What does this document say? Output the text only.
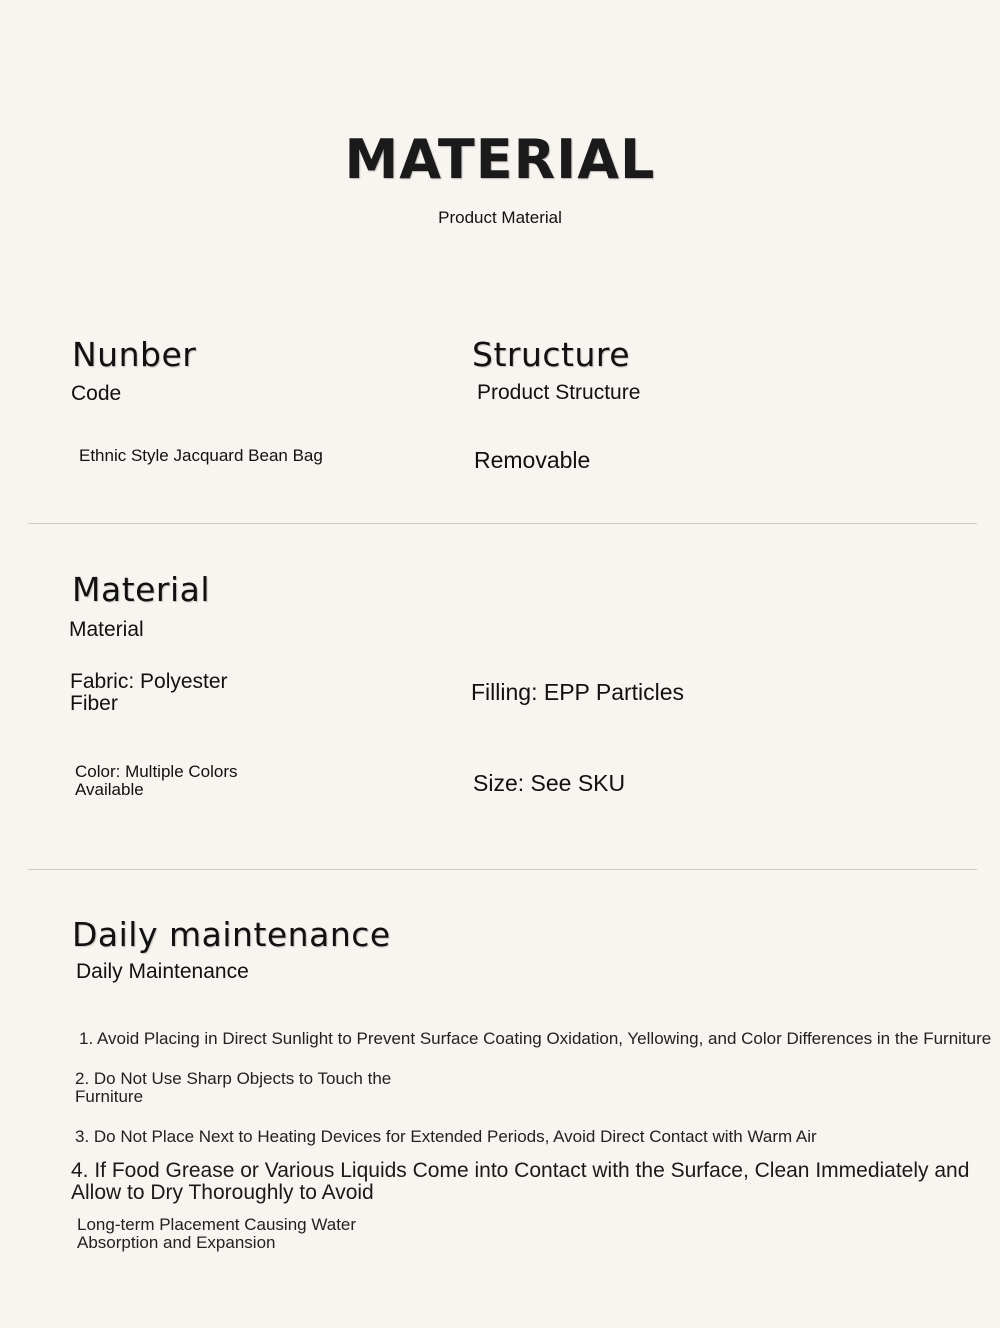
MATERIAL
Product Material
Nunber
Code
Ethnic Style Jacquard Bean Bag
Structure
Product Structure
Removable
Material
Material
Fabric: Polyester Fiber	Filling: EPP Particles
Color: Multiple Colors Available	Size: See SKU
Daily maintenance
Daily Maintenance
1. Avoid Placing in Direct Sunlight to Prevent Surface Coating Oxidation, Yellowing, and Color Differences in the Furniture
2. Do Not Use Sharp Objects to Touch the Furniture
3. Do Not Place Next to Heating Devices for Extended Periods, Avoid Direct Contact with Warm Air
4. If Food Grease or Various Liquids Come into Contact with the Surface, Clean Immediately and Allow to Dry Thoroughly to Avoid
Long-term Placement Causing Water Absorption and Expansion
